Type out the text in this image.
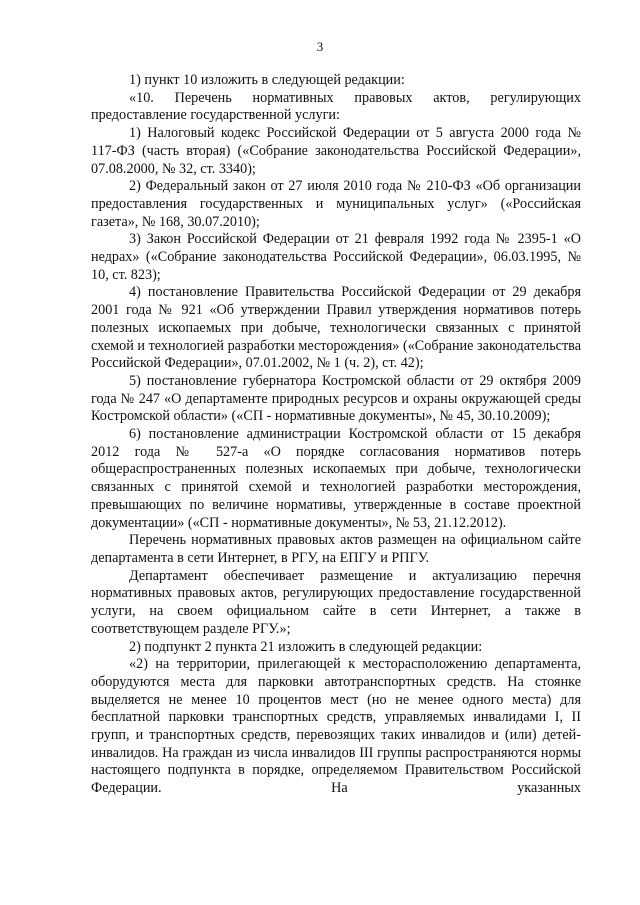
3

1) пункт 10 изложить в следующей редакции:

«10. Перечень нормативных правовых актов, регулирующих предоставление государственной услуги:

1) Налоговый кодекс Российской Федерации от 5 августа 2000 года № 117-ФЗ (часть вторая) («Собрание законодательства Российской Федерации», 07.08.2000, № 32, ст. 3340);

2) Федеральный закон от 27 июля 2010 года № 210-ФЗ «Об организации предоставления государственных и муниципальных услуг» («Российская газета», № 168, 30.07.2010);

3) Закон Российской Федерации от 21 февраля 1992 года № 2395-1 «О недрах» («Собрание законодательства Российской Федерации», 06.03.1995, № 10, ст. 823);

4) постановление Правительства Российской Федерации от 29 декабря 2001 года № 921 «Об утверждении Правил утверждения нормативов потерь полезных ископаемых при добыче, технологически связанных с принятой схемой и технологией разработки месторождения» («Собрание законодательства Российской Федерации», 07.01.2002, № 1 (ч. 2), ст. 42);

5) постановление губернатора Костромской области от 29 октября 2009 года № 247 «О департаменте природных ресурсов и охраны окружающей среды Костромской области» («СП - нормативные документы», № 45, 30.10.2009);

6) постановление администрации Костромской области от 15 декабря 2012 года № 527-а «О порядке согласования нормативов потерь общераспространенных полезных ископаемых при добыче, технологически связанных с принятой схемой и технологией разработки месторождения, превышающих по величине нормативы, утвержденные в составе проектной документации» («СП - нормативные документы», № 53, 21.12.2012).

Перечень нормативных правовых актов размещен на официальном сайте департамента в сети Интернет, в РГУ, на ЕПГУ и РПГУ.

Департамент обеспечивает размещение и актуализацию перечня нормативных правовых актов, регулирующих предоставление государственной услуги, на своем официальном сайте в сети Интернет, а также в соответствующем разделе РГУ.»;

2) подпункт 2 пункта 21 изложить в следующей редакции:

«2) на территории, прилегающей к месторасположению департамента, оборудуются места для парковки автотранспортных средств. На стоянке выделяется не менее 10 процентов мест (но не менее одного места) для бесплатной парковки транспортных средств, управляемых инвалидами I, II групп, и транспортных средств, перевозящих таких инвалидов и (или) детей-инвалидов. На граждан из числа инвалидов III группы распространяются нормы настоящего подпункта в порядке, определяемом Правительством Российской Федерации. На указанных
